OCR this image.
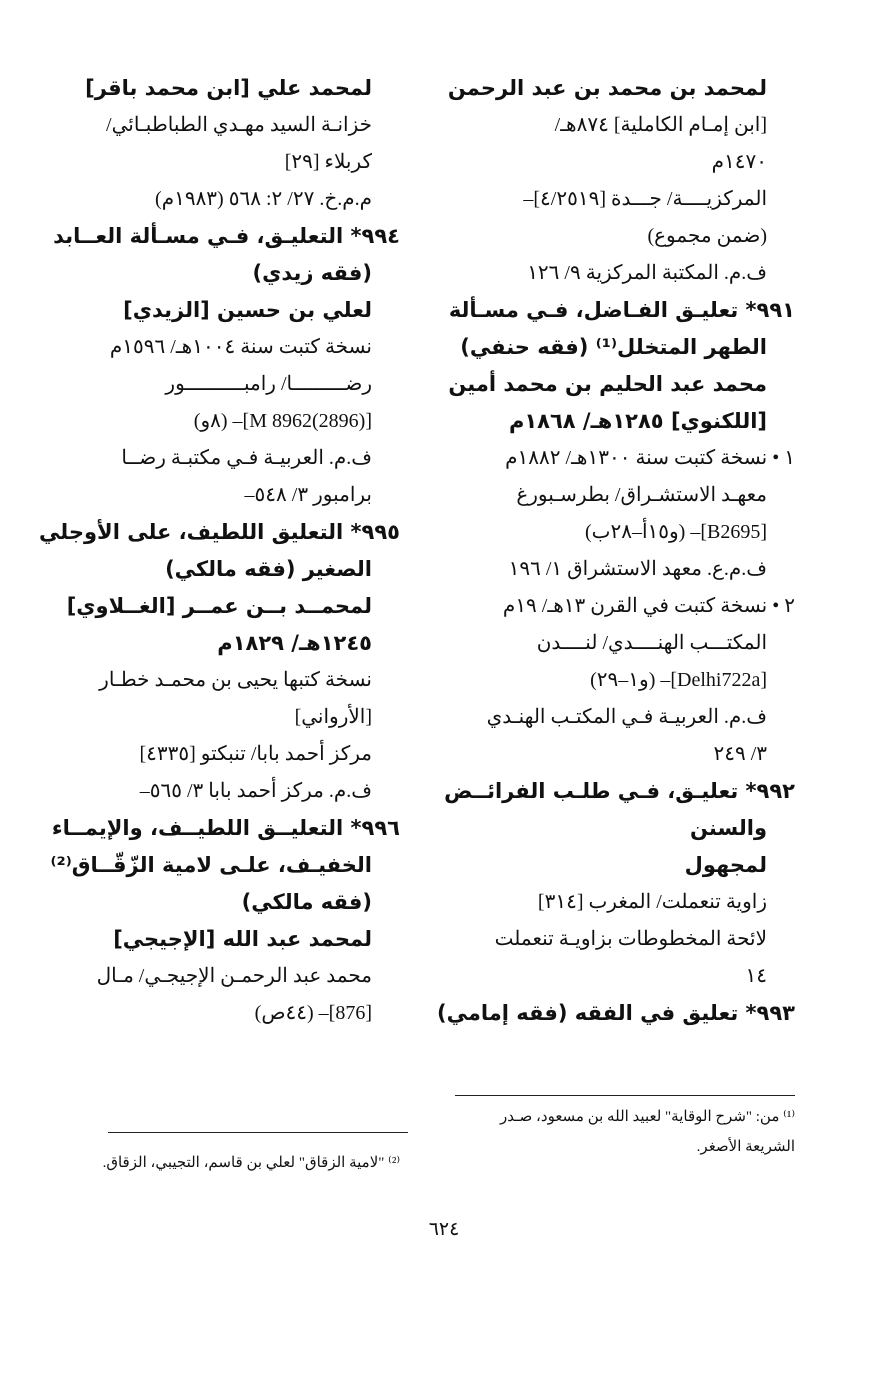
لمحمد بن محمد بن عبد الرحمن
[ابن إمـام الكاملية] ٨٧٤هـ/
١٤٧٠م
المركزيــــة/ جـــدة [٤/٢٥١٩]–
(ضمن مجموع)
ف.م. المكتبة المركزية ٩/ ١٢٦
٩٩١* تعليـق الفـاضل، فـي مسـألة
الطهر المتخلل⁽¹⁾ (فقه حنفي)
محمد عبد الحليم بن محمد أمين
[اللكنوي] ١٢٨٥هـ/ ١٨٦٨م
١ • نسخة كتبت سنة ١٣٠٠هـ/ ١٨٨٢م
معهـد الاستشـراق/ بطرسـبورغ
[B2695]– (و١٥أ–٢٨ب)
ف.م.ع. معهد الاستشراق ١/ ١٩٦
٢ • نسخة كتبت في القرن ١٣هـ/ ١٩م
المكتـــب الهنــــدي/ لنــــدن
[Delhi722a]– (و١–٢٩)
ف.م. العربيـة فـي المكتـب الهنـدي
٣/ ٢٤٩
٩٩٢* تعليـق، فـي طلـب الفرائــض
والسنن
لمجهول
زاوية تنعملت/ المغرب [٣١٤]
لائحة المخطوطات بزاويـة تنعملت
١٤
٩٩٣* تعليق في الفقه (فقه إمامي)
لمحمد علي [ابن محمد باقر]
خزانـة السيد مهـدي الطباطبـائي/
كربلاء [٢٩]
م.م.خ. ٢٧/ ٢: ٥٦٨ (١٩٨٣م)
٩٩٤* التعليـق، فـي مسـألة العــابد
(فقه زيدي)
لعلي بن حسين [الزيدي]
نسخة كتبت سنة ١٠٠٤هـ/ ١٥٩٦م
رضـــــــــا/ رامبــــــــــور
[(2896)8962 M]– (٨و)
ف.م. العربيـة فـي مكتبـة رضــا
برامبور ٣/ ٥٤٨–
٩٩٥* التعليق اللطيف، على الأوجلي
الصغير (فقه مالكي)
لمحمــد بــن عمــر [الغــلاوي]
١٢٤٥هـ/ ١٨٢٩م
نسخة كتبها يحيى بن محمـد خطـار
[الأرواني]
مركز أحمد بابا/ تنبكتو [٤٣٣٥]
ف.م. مركز أحمد بابا ٣/ ٥٦٥–
٩٩٦* التعليــق اللطيــف، والإيمــاء
الخفيـف، علـى لامية الزّقّــاق⁽²⁾
(فقه مالكي)
لمحمد عبد الله [الإجيجي]
محمد عبد الرحمـن الإجيجـي/ مـال
[876]– (٤٤ص)
⁽¹⁾ من: "شرح الوقاية" لعبيد الله بن مسعود، صـدر
الشريعة الأصغر.
⁽²⁾ "لامية الزقاق" لعلي بن قاسم، التجيبي، الزقاق.
٦٢٤
